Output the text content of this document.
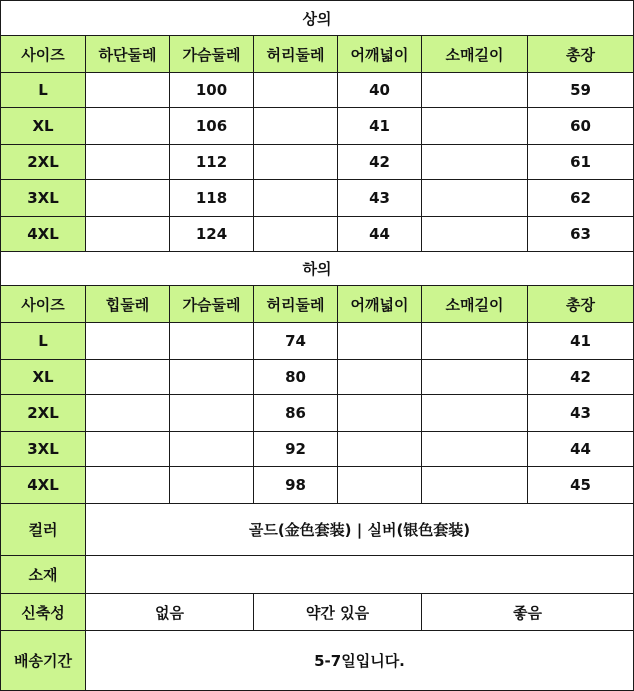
상의						
사이즈	하단둘레	가슴둘레	허리둘레	어깨넓이	소매길이	총장
L		100		40		59
XL		106		41		60
2XL		112		42		61
3XL		118		43		62
4XL		124		44		63
하의						
사이즈	힙둘레	가슴둘레	허리둘레	어깨넓이	소매길이	총장
L			74			41
XL			80			42
2XL			86			43
3XL			92			44
4XL			98			45
컬러	골드(金色套装) | 실버(银色套装)					
소재						
신축성	없음		약간 있음		좋음	
배송기간	5-7일입니다.					
